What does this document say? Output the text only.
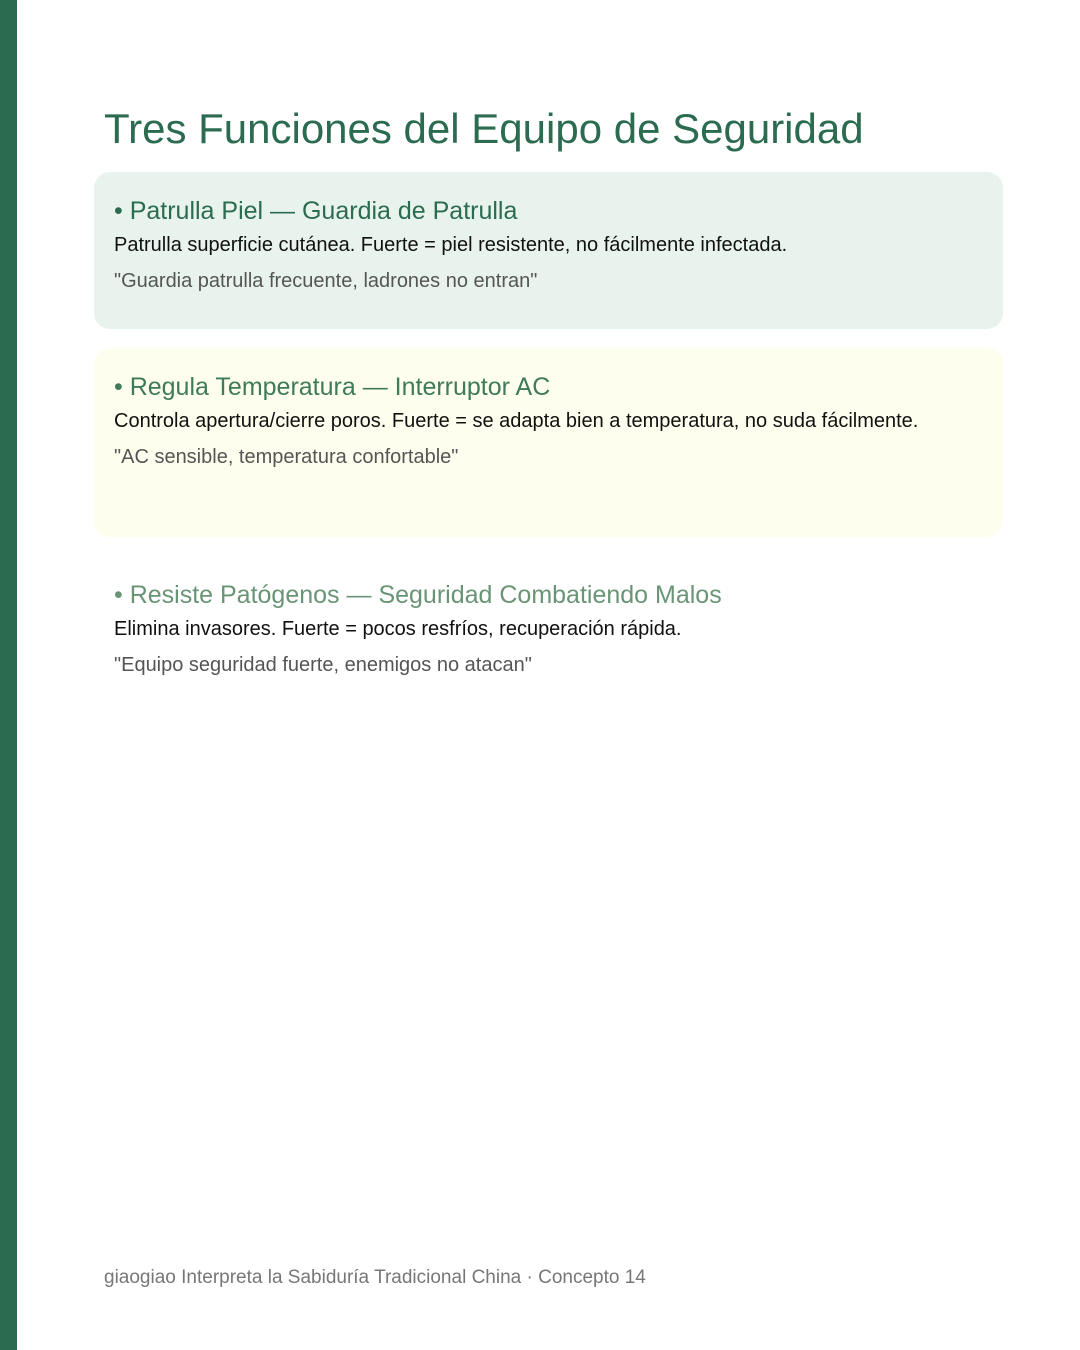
Tres Funciones del Equipo de Seguridad
• Patrulla Piel — Guardia de Patrulla

Patrulla superficie cutánea. Fuerte = piel resistente, no fácilmente infectada.

"Guardia patrulla frecuente, ladrones no entran"

• Regula Temperatura — Interruptor AC

Controla apertura/cierre poros. Fuerte = se adapta bien a temperatura, no suda fácilmente.

"AC sensible, temperatura confortable"

• Resiste Patógenos — Seguridad Combatiendo Malos

Elimina invasores. Fuerte = pocos resfríos, recuperación rápida.

"Equipo seguridad fuerte, enemigos no atacan"

giaogiao Interpreta la Sabiduría Tradicional China · Concepto 14
